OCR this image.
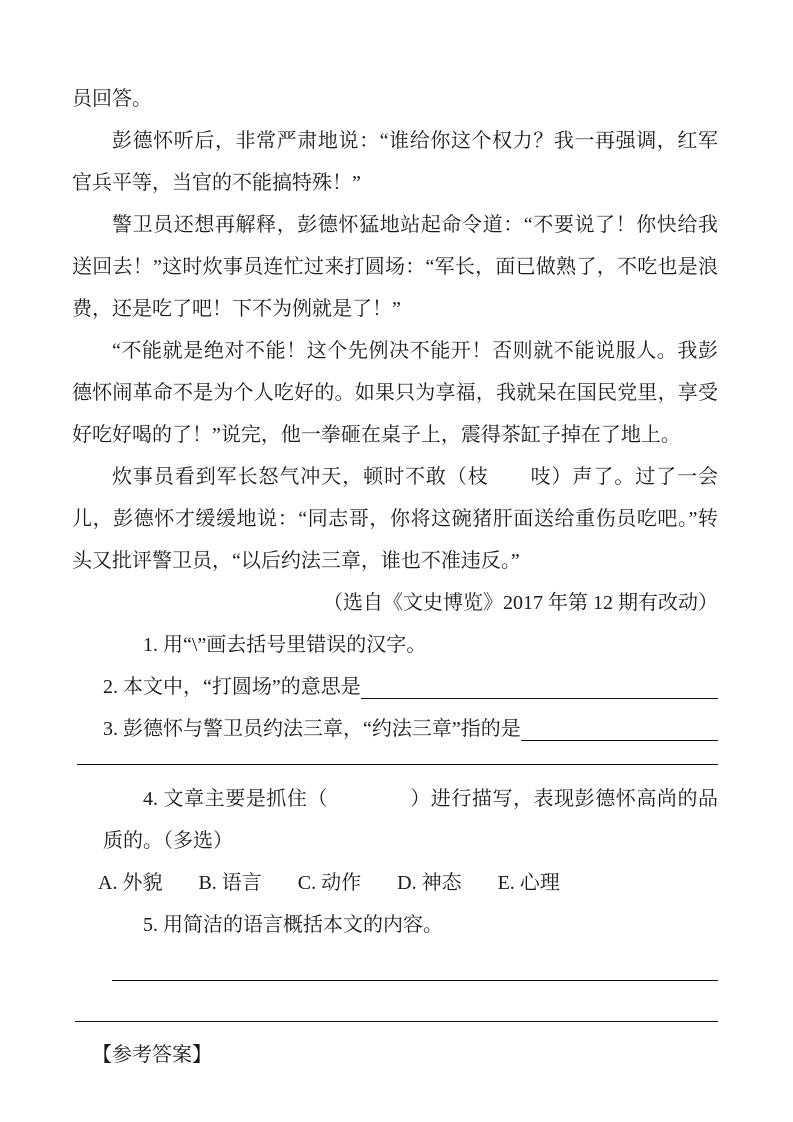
员回答。

彭德怀听后，非常严肃地说：“谁给你这个权力？我一再强调，红军官兵平等，当官的不能搞特殊！”

警卫员还想再解释，彭德怀猛地站起命令道：“不要说了！你快给我送回去！”这时炊事员连忙过来打圆场：“军长，面已做熟了，不吃也是浪费，还是吃了吧！下不为例就是了！”

“不能就是绝对不能！这个先例决不能开！否则就不能说服人。我彭德怀闹革命不是为个人吃好的。如果只为享福，我就呆在国民党里，享受好吃好喝的了！”说完，他一拳砸在桌子上，震得茶缸子掉在了地上。

炊事员看到军长怒气冲天，顿时不敢（枝　　吱）声了。过了一会儿，彭德怀才缓缓地说：“同志哥，你将这碗猪肝面送给重伤员吃吧。”转头又批评警卫员，“以后约法三章，谁也不准违反。”

（选自《文史博览》2017 年第 12 期有改动）

1. 用“\”画去括号里错误的汉字。

2. 本文中，“打圆场”的意思是
3. 彭德怀与警卫员约法三章，“约法三章”指的是

4. 文章主要是抓住（　　　　）进行描写，表现彭德怀高尚的品质的。（多选）

A. 外貌 B. 语言 C. 动作 D. 神态 E. 心理

5. 用简洁的语言概括本文的内容。

【参考答案】
